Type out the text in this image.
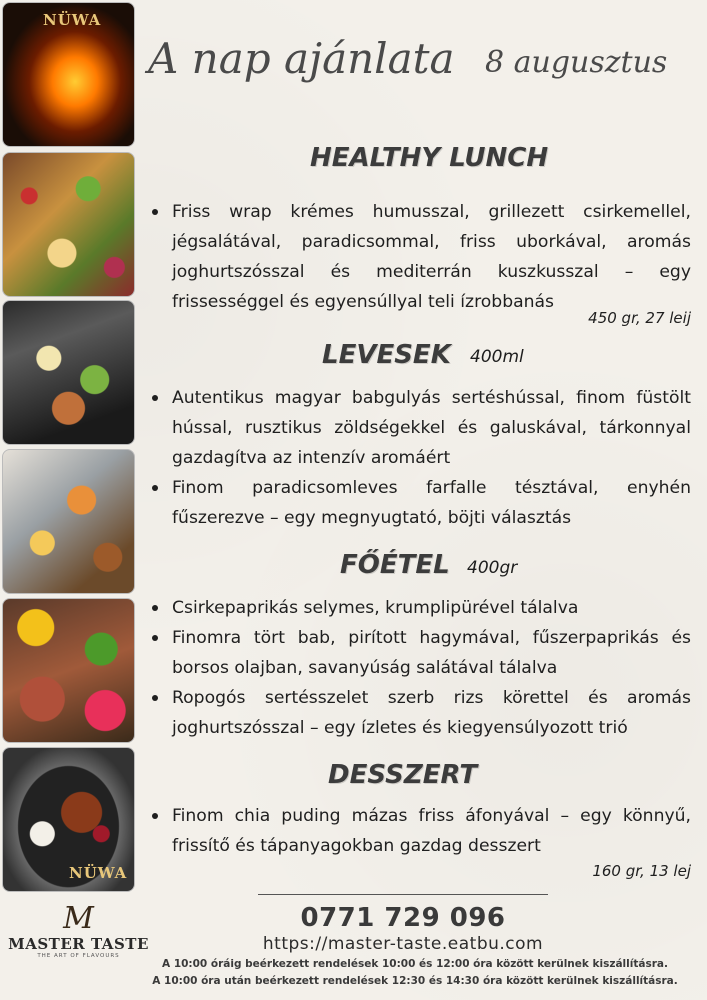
NÜWA
NÜWA
A nap ajánlata 8 augusztus
HEALTHY LUNCH
Friss wrap krémes humusszal, grillezett csirkemellel, jégsalátával, paradicsommal, friss uborkával, aromás joghurtszósszal és mediterrán kuszkusszal – egy frissességgel és egyensúllyal teli ízrobbanás
450 gr, 27 leij
LEVESEK 400ml
Autentikus magyar babgulyás sertéshússal, finom füstölt hússal, rusztikus zöldségekkel és galuskával, tárkonnyal gazdagítva az intenzív aromáért
Finom paradicsomleves farfalle tésztával, enyhén fűszerezve – egy megnyugtató, böjti választás
FŐÉTEL 400gr
Csirkepaprikás selymes, krumplipürével tálalva
Finomra tört bab, pirított hagymával, fűszerpaprikás és borsos olajban, savanyúság salátával tálalva
Ropogós sertésszelet szerb rizs körettel és aromás joghurtszósszal – egy ízletes és kiegyensúlyozott trió
DESSZERT
Finom chia puding mázas friss áfonyával – egy könnyű, frissítő és tápanyagokban gazdag desszert
160 gr, 13 lej
0771 729 096
https://master-taste.eatbu.com
A 10:00 óráig beérkezett rendelések 10:00 és 12:00 óra között kerülnek kiszállításra.
A 10:00 óra után beérkezett rendelések 12:30 és 14:30 óra között kerülnek kiszállításra.
M
MASTER TASTE
THE ART OF FLAVOURS
